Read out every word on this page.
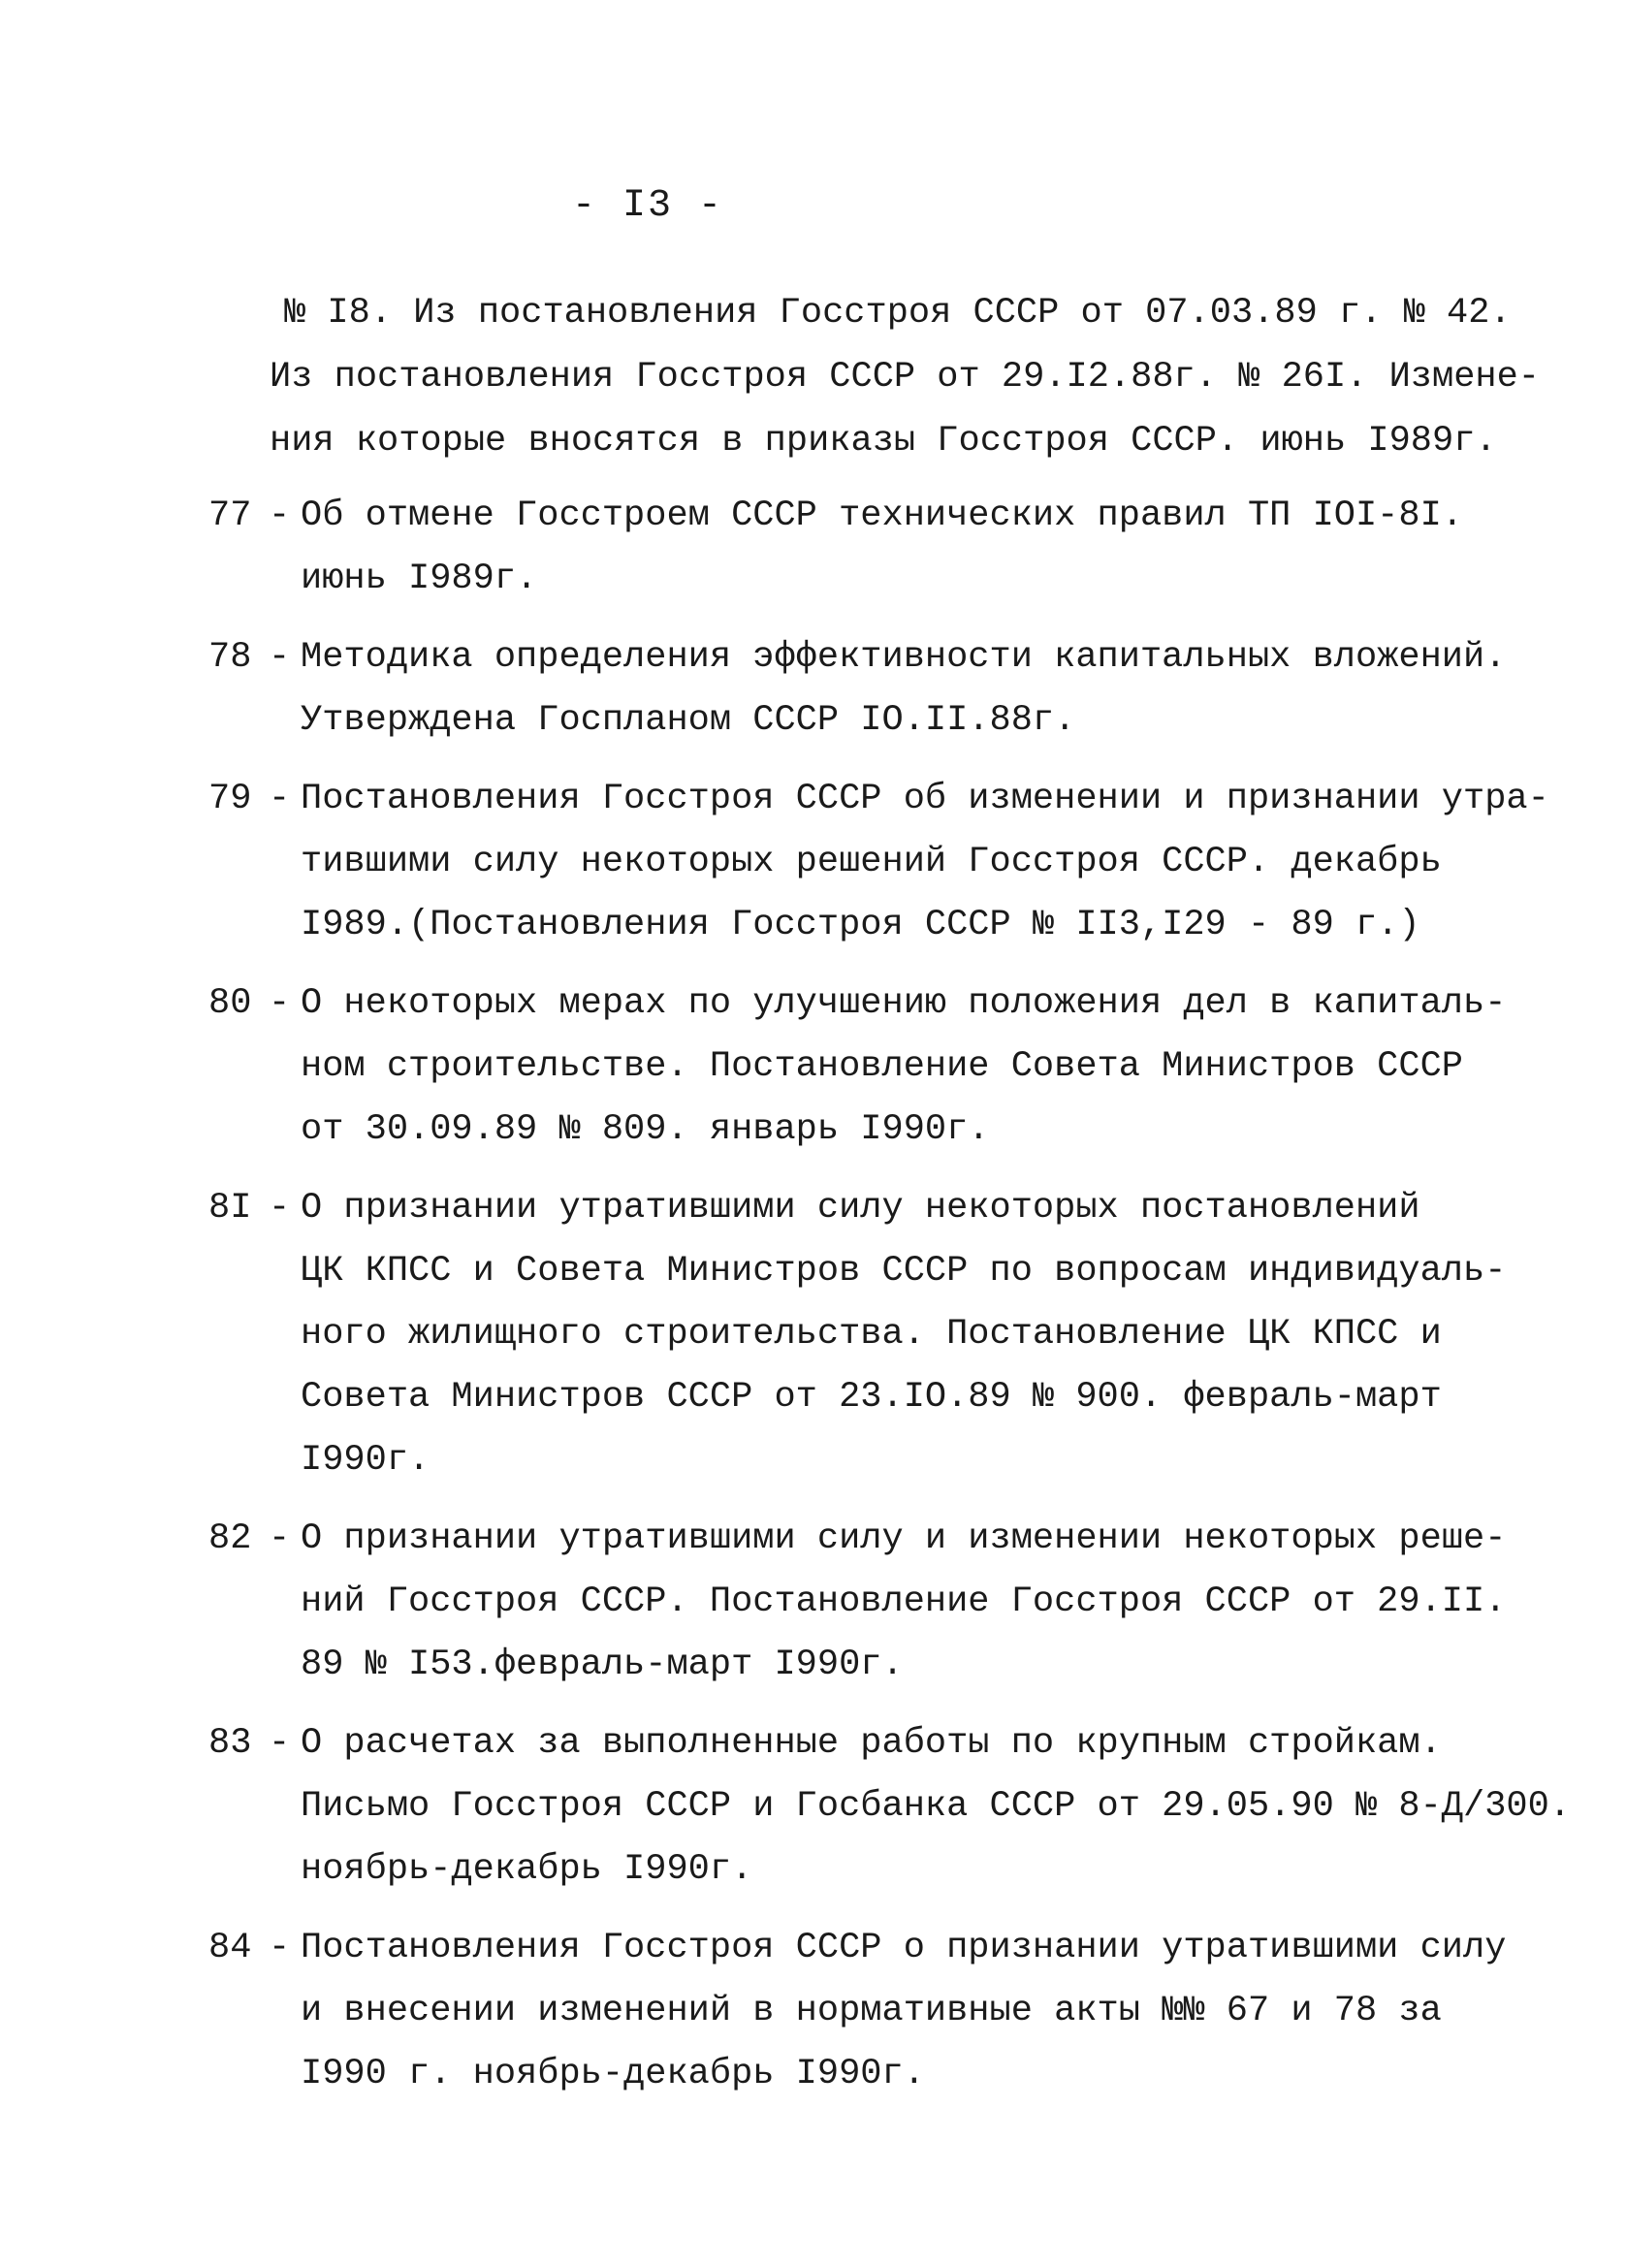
- I3 -

№ I8. Из постановления Госстроя СССР от 07.03.89 г. № 42.
Из постановления Госстроя СССР от 29.I2.88г. № 26I. Измене-
ния которые вносятся в приказы Госстроя СССР. июнь I989г.

77 - Об отмене Госстроем СССР технических правил ТП IOI-8I.
июнь I989г.
78 - Методика определения эффективности капитальных вложений.
Утверждена Госпланом СССР IO.II.88г.
79 - Постановления Госстроя СССР об изменении и признании утра-
тившими силу некоторых решений Госстроя СССР. декабрь
I989.(Постановления Госстроя СССР № II3,I29 - 89 г.)
80 - О некоторых мерах по улучшению положения дел в капиталь-
ном строительстве. Постановление Совета Министров СССР
от 30.09.89 № 809. январь I990г.
8I - О признании утратившими силу некоторых постановлений
ЦК КПСС и Совета Министров СССР по вопросам индивидуаль-
ного жилищного строительства. Постановление ЦК КПСС и
Совета Министров СССР от 23.IO.89 № 900. февраль-март
I990г.
82 - О признании утратившими силу и изменении некоторых реше-
ний Госстроя СССР. Постановление Госстроя СССР от 29.II.
89 № I53.февраль-март I990г.
83 - О расчетах за выполненные работы по крупным стройкам.
Письмо Госстроя СССР и Госбанка СССР от 29.05.90 № 8-Д/300.
ноябрь-декабрь I990г.
84 - Постановления Госстроя СССР о признании утратившими силу
и внесении изменений в нормативные акты №№ 67 и 78 за
I990 г. ноябрь-декабрь I990г.
